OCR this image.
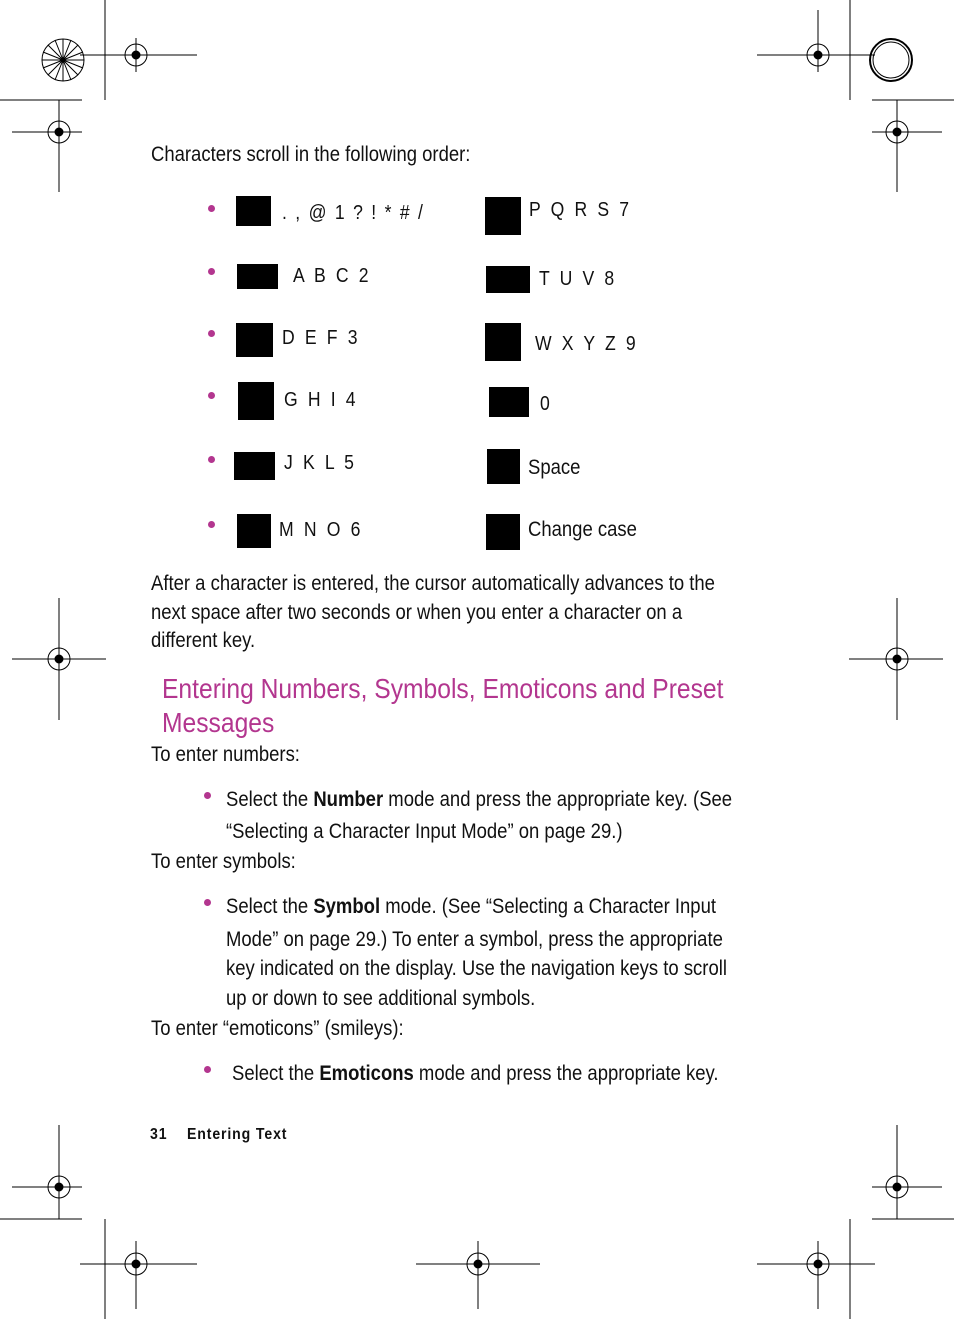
Characters scroll in the following order:
. , @ 1 ? ! * # /
A B C 2
D E F 3
G H I 4
J K L 5
M N O 6
P Q R S 7
T U V 8
W X Y Z 9
0
Space
Change case
After a character is entered, the cursor automatically advances to the
next space after two seconds or when you enter a character on a
different key.
Entering Numbers, Symbols, Emoticons and Preset
Messages
To enter numbers:
Select the Number mode and press the appropriate key. (See
“Selecting a Character Input Mode” on page 29.)
To enter symbols:
Select the Symbol mode. (See “Selecting a Character Input
Mode” on page 29.) To enter a symbol, press the appropriate
key indicated on the display. Use the navigation keys to scroll
up or down to see additional symbols.
To enter “emoticons” (smileys):
Select the Emoticons mode and press the appropriate key.
31 Entering Text
